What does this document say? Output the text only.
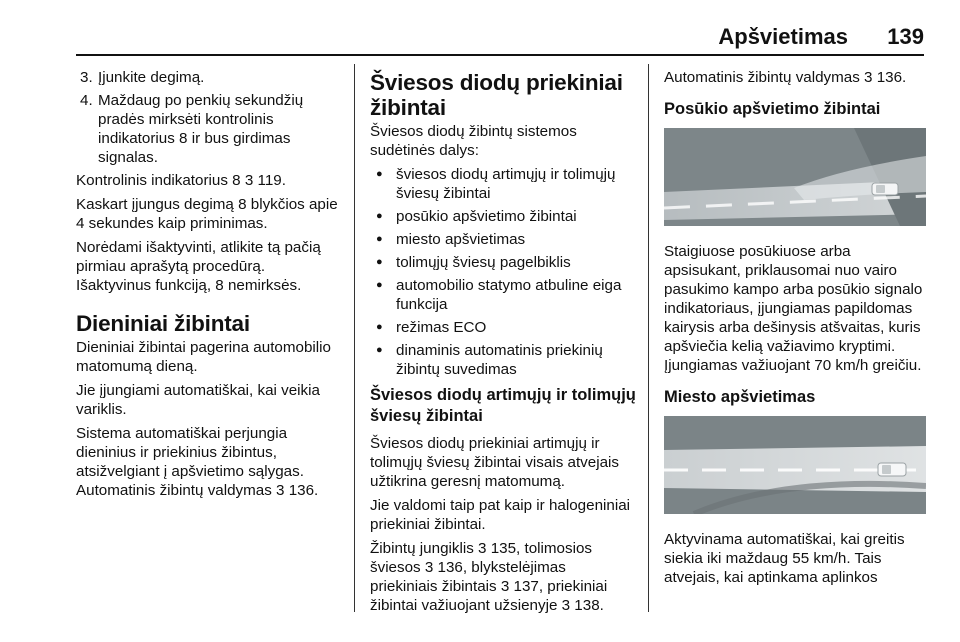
Apšvietimas 139
3. Įjunkite degimą.
4. Maždaug po penkių sekundžių pradės mirksėti kontrolinis indikatorius 8 ir bus girdimas signalas.

Kontrolinis indikatorius 8 3 119.

Kaskart įjungus degimą 8 blykčios apie 4 sekundes kaip priminimas.

Norėdami išaktyvinti, atlikite tą pačią pirmiau aprašytą procedūrą.

Išaktyvinus funkciją, 8 nemirksės.

Dieniniai žibintai

Dieniniai žibintai pagerina automobilio matomumą dieną.

Jie įjungiami automatiškai, kai veikia variklis.

Sistema automatiškai perjungia dieninius ir priekinius žibintus, atsižvelgiant į apšvietimo sąlygas.

Automatinis žibintų valdymas 3 136.

Šviesos diodų priekiniai žibintai

Šviesos diodų žibintų sistemos sudėtinės dalys:

● šviesos diodų artimųjų ir tolimųjų šviesų žibintai
● posūkio apšvietimo žibintai
● miesto apšvietimas
● tolimųjų šviesų pagelbiklis
● automobilio statymo atbuline eiga funkcija
● režimas ECO
● dinaminis automatinis priekinių žibintų suvedimas
Šviesos diodų artimųjų ir tolimųjų šviesų žibintai

Šviesos diodų priekiniai artimųjų ir tolimųjų šviesų žibintai visais atvejais užtikrina geresnį matomumą.

Jie valdomi taip pat kaip ir halogeniniai priekiniai žibintai.

Žibintų jungiklis 3 135, tolimosios šviesos 3 136, blykstelėjimas priekiniais žibintais 3 137, priekiniai žibintai važiuojant užsienyje 3 138.

Automatinis žibintų valdymas 3 136.

Posūkio apšvietimo žibintai

Staigiuose posūkiuose arba apsisukant, priklausomai nuo vairo pasukimo kampo arba posūkio signalo indikatoriaus, įjungiamas papildomas kairysis arba dešinysis atšvaitas, kuris apšviečia kelią važiavimo kryptimi. Įjungiamas važiuojant 70 km/h greičiu.

Miesto apšvietimas

Aktyvinama automatiškai, kai greitis siekia iki maždaug 55 km/h. Tais atvejais, kai aptinkama aplinkos
